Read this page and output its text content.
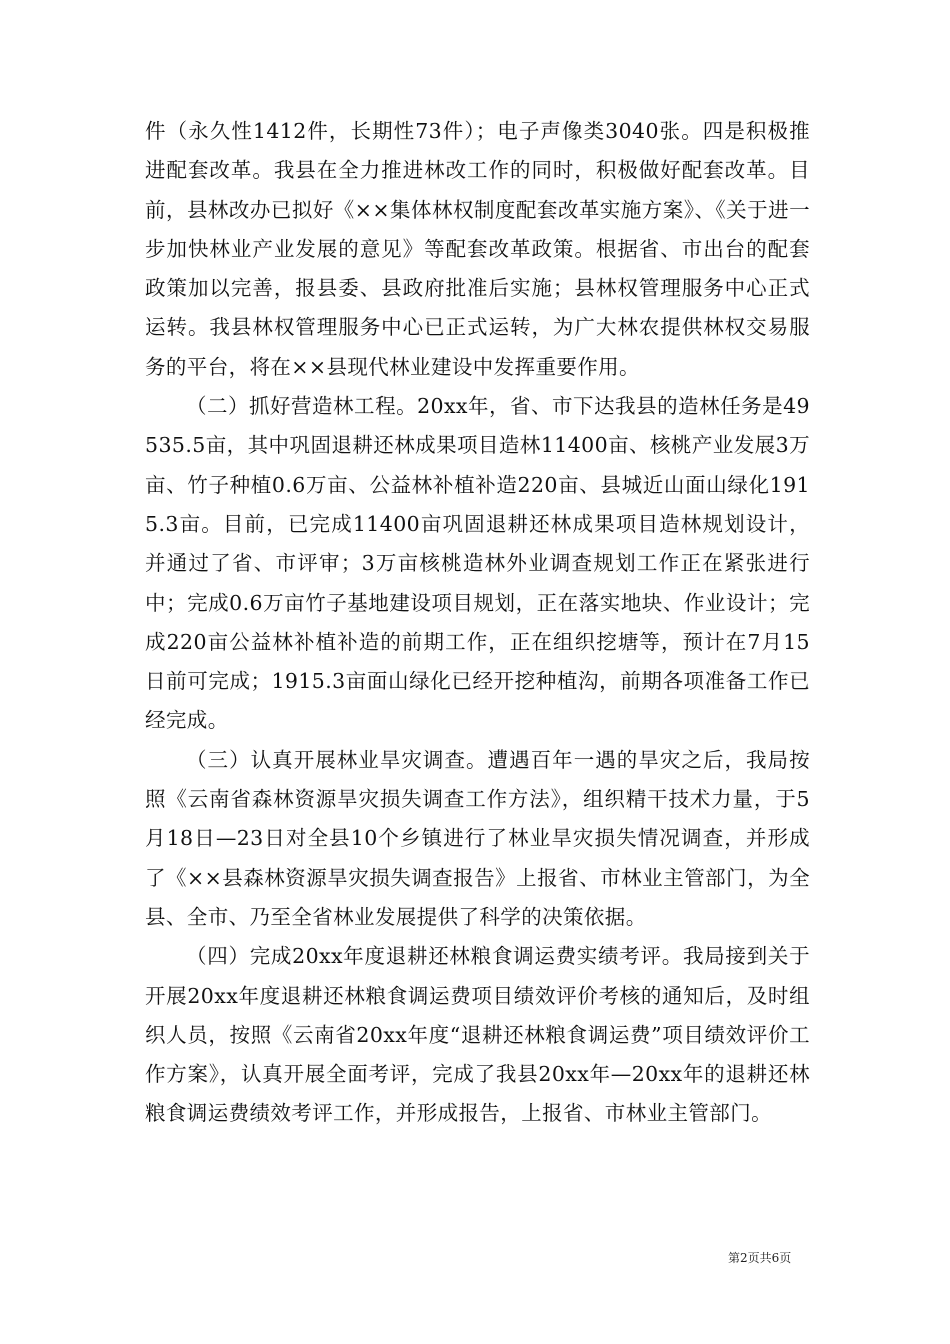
件（永久性1412件，长期性73件）；电子声像类3040张。四是积极推进配套改革。我县在全力推进林改工作的同时，积极做好配套改革。目前，县林改办已拟好《××集体林权制度配套改革实施方案》、《关于进一步加快林业产业发展的意见》等配套改革政策。根据省、市出台的配套政策加以完善，报县委、县政府批准后实施；县林权管理服务中心正式运转。我县林权管理服务中心已正式运转，为广大林农提供林权交易服务的平台，将在××县现代林业建设中发挥重要作用。

（二）抓好营造林工程。20xx年，省、市下达我县的造林任务是49535.5亩，其中巩固退耕还林成果项目造林11400亩、核桃产业发展3万亩、竹子种植0.6万亩、公益林补植补造220亩、县城近山面山绿化1915.3亩。目前，已完成11400亩巩固退耕还林成果项目造林规划设计，并通过了省、市评审；3万亩核桃造林外业调查规划工作正在紧张进行中；完成0.6万亩竹子基地建设项目规划，正在落实地块、作业设计；完成220亩公益林补植补造的前期工作，正在组织挖塘等，预计在7月15日前可完成；1915.3亩面山绿化已经开挖种植沟，前期各项准备工作已经完成。

（三）认真开展林业旱灾调查。遭遇百年一遇的旱灾之后，我局按照《云南省森林资源旱灾损失调查工作方法》，组织精干技术力量，于5月18日—23日对全县10个乡镇进行了林业旱灾损失情况调查，并形成了《××县森林资源旱灾损失调查报告》上报省、市林业主管部门，为全县、全市、乃至全省林业发展提供了科学的决策依据。

（四）完成20xx年度退耕还林粮食调运费实绩考评。我局接到关于开展20xx年度退耕还林粮食调运费项目绩效评价考核的通知后，及时组织人员，按照《云南省20xx年度“退耕还林粮食调运费”项目绩效评价工作方案》，认真开展全面考评，完成了我县20xx年—20xx年的退耕还林粮食调运费绩效考评工作，并形成报告，上报省、市林业主管部门。

第2页共6页
